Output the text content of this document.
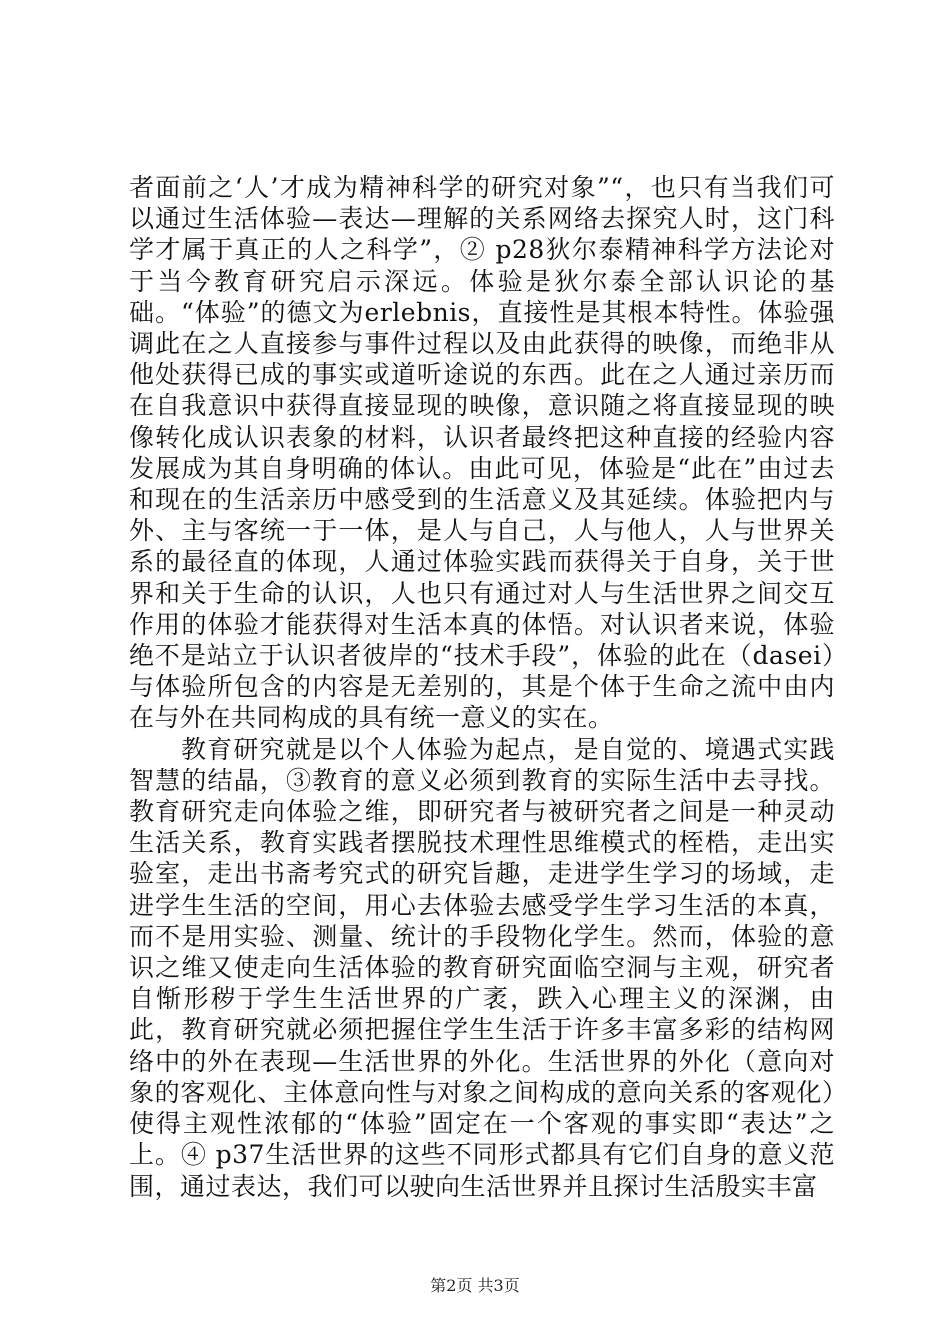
者面前之‘人’才成为精神科学的研究对象”“，也只有当我们可以通过生活体验—表达—理解的关系网络去探究人时，这门科学才属于真正的人之科学”，② p28狄尔泰精神科学方法论对于当今教育研究启示深远。体验是狄尔泰全部认识论的基础。“体验”的德文为erlebnis，直接性是其根本特性。体验强调此在之人直接参与事件过程以及由此获得的映像，而绝非从他处获得已成的事实或道听途说的东西。此在之人通过亲历而在自我意识中获得直接显现的映像，意识随之将直接显现的映像转化成认识表象的材料，认识者最终把这种直接的经验内容发展成为其自身明确的体认。由此可见，体验是“此在”由过去和现在的生活亲历中感受到的生活意义及其延续。体验把内与外、主与客统一于一体，是人与自己，人与他人，人与世界关系的最径直的体现，人通过体验实践而获得关于自身，关于世界和关于生命的认识，人也只有通过对人与生活世界之间交互作用的体验才能获得对生活本真的体悟。对认识者来说，体验绝不是站立于认识者彼岸的“技术手段”，体验的此在（dasei）与体验所包含的内容是无差别的，其是个体于生命之流中由内在与外在共同构成的具有统一意义的实在。

教育研究就是以个人体验为起点，是自觉的、境遇式实践智慧的结晶，③教育的意义必须到教育的实际生活中去寻找。教育研究走向体验之维，即研究者与被研究者之间是一种灵动生活关系，教育实践者摆脱技术理性思维模式的桎梏，走出实验室，走出书斋考究式的研究旨趣，走进学生学习的场域，走进学生生活的空间，用心去体验去感受学生学习生活的本真，而不是用实验、测量、统计的手段物化学生。然而，体验的意识之维又使走向生活体验的教育研究面临空洞与主观，研究者自惭形秽于学生生活世界的广袤，跌入心理主义的深渊，由此，教育研究就必须把握住学生生活于许多丰富多彩的结构网络中的外在表现—生活世界的外化。生活世界的外化（意向对象的客观化、主体意向性与对象之间构成的意向关系的客观化）使得主观性浓郁的“体验”固定在一个客观的事实即“表达”之上。④ p37生活世界的这些不同形式都具有它们自身的意义范围，通过表达，我们可以驶向生活世界并且探讨生活殷实丰富

第2页 共3页
